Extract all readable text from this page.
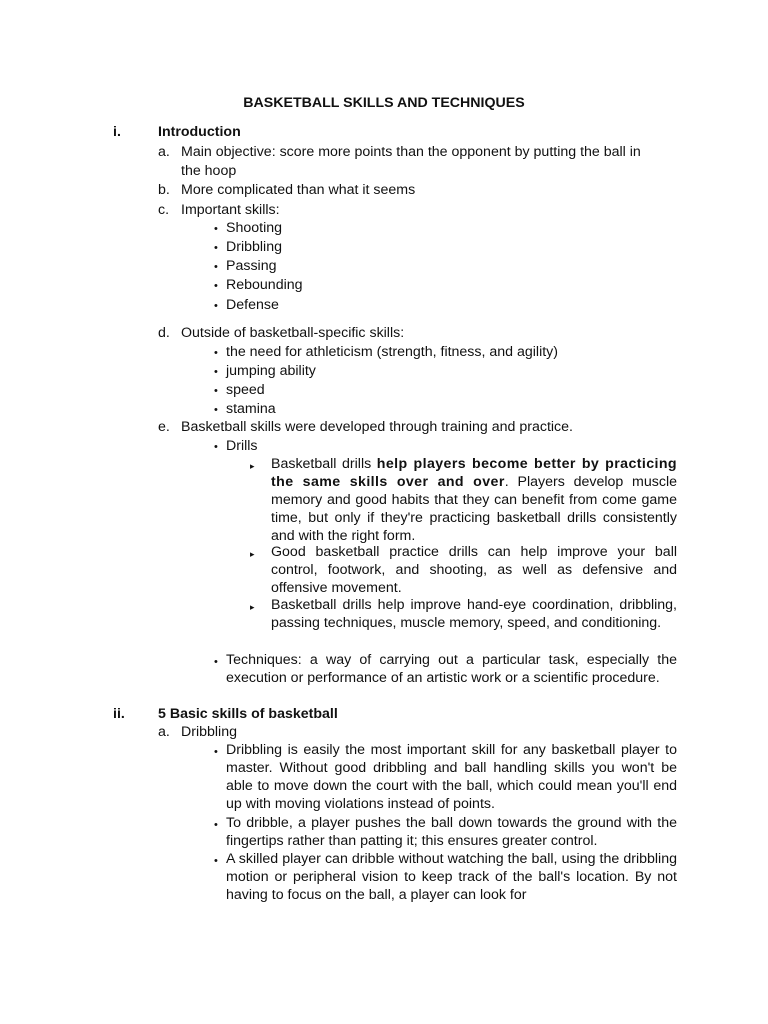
BASKETBALL SKILLS AND TECHNIQUES
i.	Introduction
a. Main objective: score more points than the opponent by putting the ball in
the hoop
b. More complicated than what it seems
c. Important skills:
• Shooting
• Dribbling
• Passing
• Rebounding
• Defense
d. Outside of basketball-specific skills:
• the need for athleticism (strength, fitness, and agility)
• jumping ability
• speed
• stamina
e. Basketball skills were developed through training and practice.
• Drills
▸ Basketball drills help players become better by practicing the same skills over and over. Players develop muscle memory and good habits that they can benefit from come game time, but only if they're practicing basketball drills consistently and with the right form.
▸ Good basketball practice drills can help improve your ball control, footwork, and shooting, as well as defensive and offensive movement.
▸ Basketball drills help improve hand-eye coordination, dribbling, passing techniques, muscle memory, speed, and conditioning.
• Techniques: a way of carrying out a particular task, especially the execution or performance of an artistic work or a scientific procedure.
ii. 5 Basic skills of basketball
a. Dribbling
• Dribbling is easily the most important skill for any basketball player to master. Without good dribbling and ball handling skills you won't be able to move down the court with the ball, which could mean you'll end up with moving violations instead of points.
• To dribble, a player pushes the ball down towards the ground with the fingertips rather than patting it; this ensures greater control.
• A skilled player can dribble without watching the ball, using the dribbling motion or peripheral vision to keep track of the ball's location. By not having to focus on the ball, a player can look for
